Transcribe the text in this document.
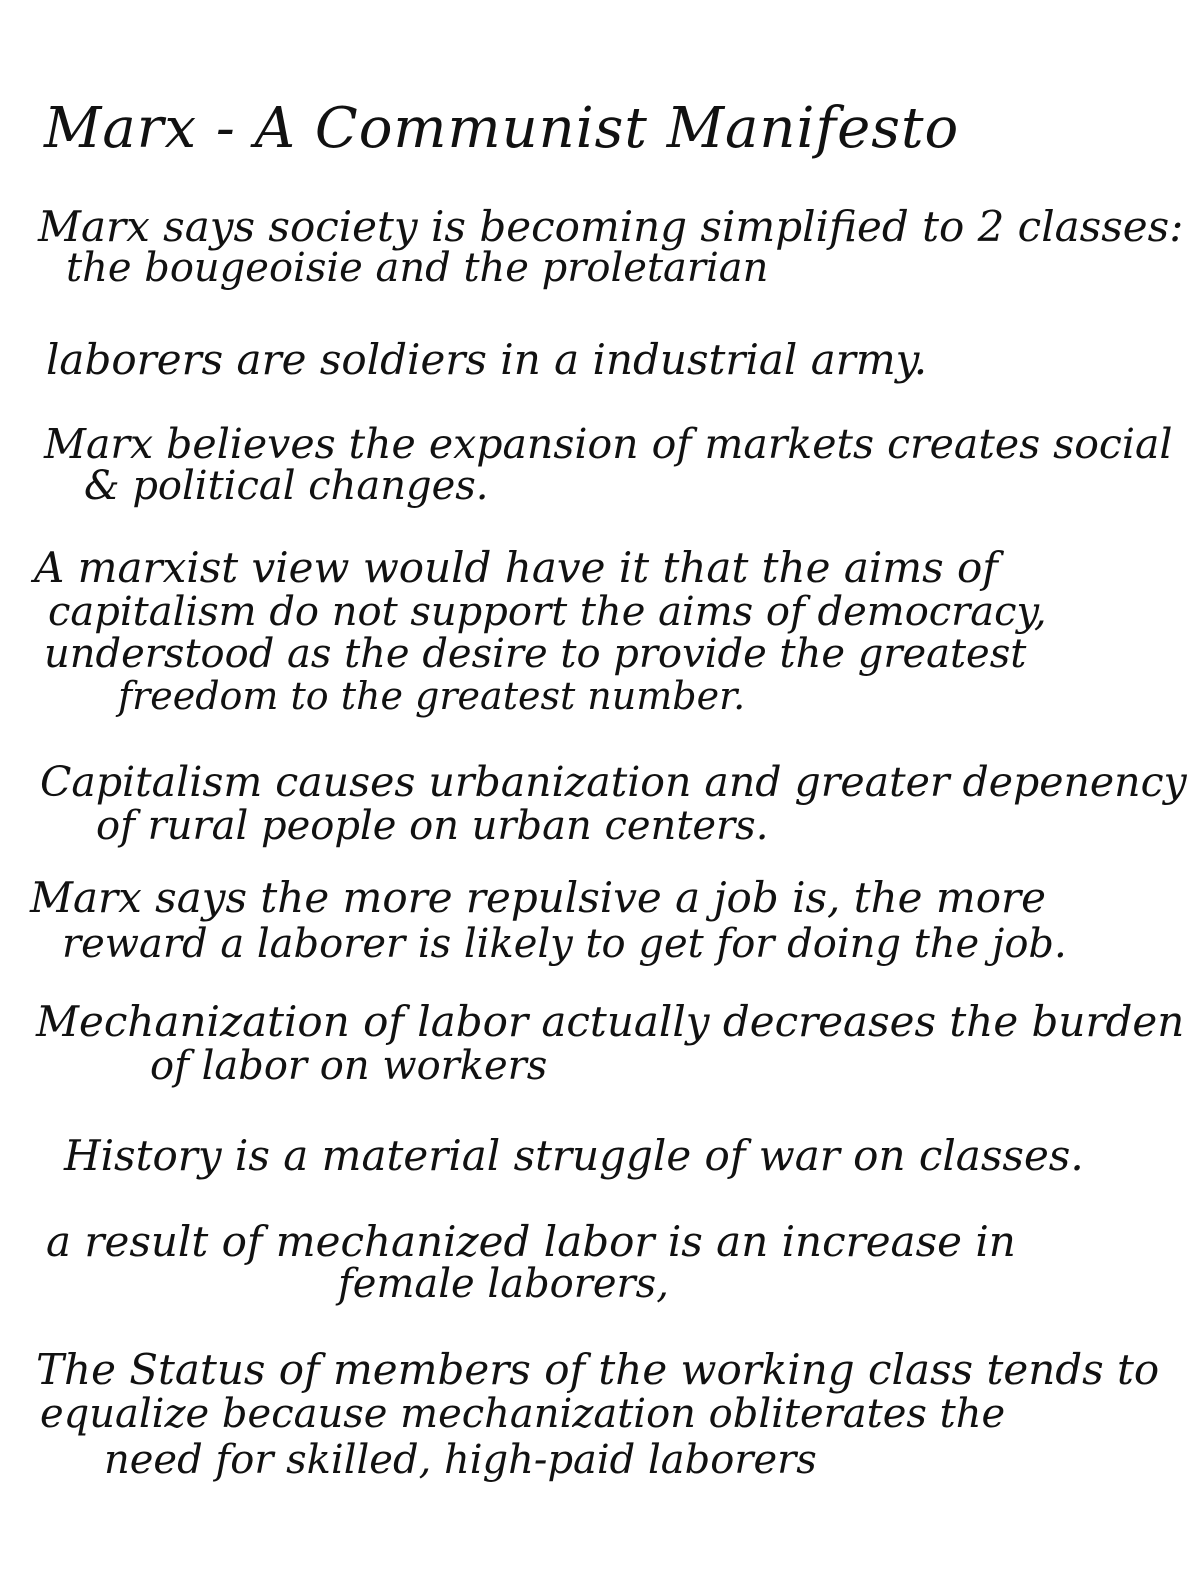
Marx - A Communist Manifesto
Marx says society is becoming simplified to 2 classes:
the bougeoisie and the proletarian
laborers are soldiers in a industrial army.
Marx believes the expansion of markets creates social
& political changes.
A marxist view would have it that the aims of
capitalism do not support the aims of democracy,
understood as the desire to provide the greatest
freedom to the greatest number.
Capitalism causes urbanization and greater depenency
of rural people on urban centers.
Marx says the more repulsive a job is, the more
reward a laborer is likely to get for doing the job.
Mechanization of labor actually decreases the burden
of labor on workers
History is a material struggle of war on classes.
a result of mechanized labor is an increase in
female laborers,
The Status of members of the working class tends to
equalize because mechanization obliterates the
need for skilled, high-paid laborers
